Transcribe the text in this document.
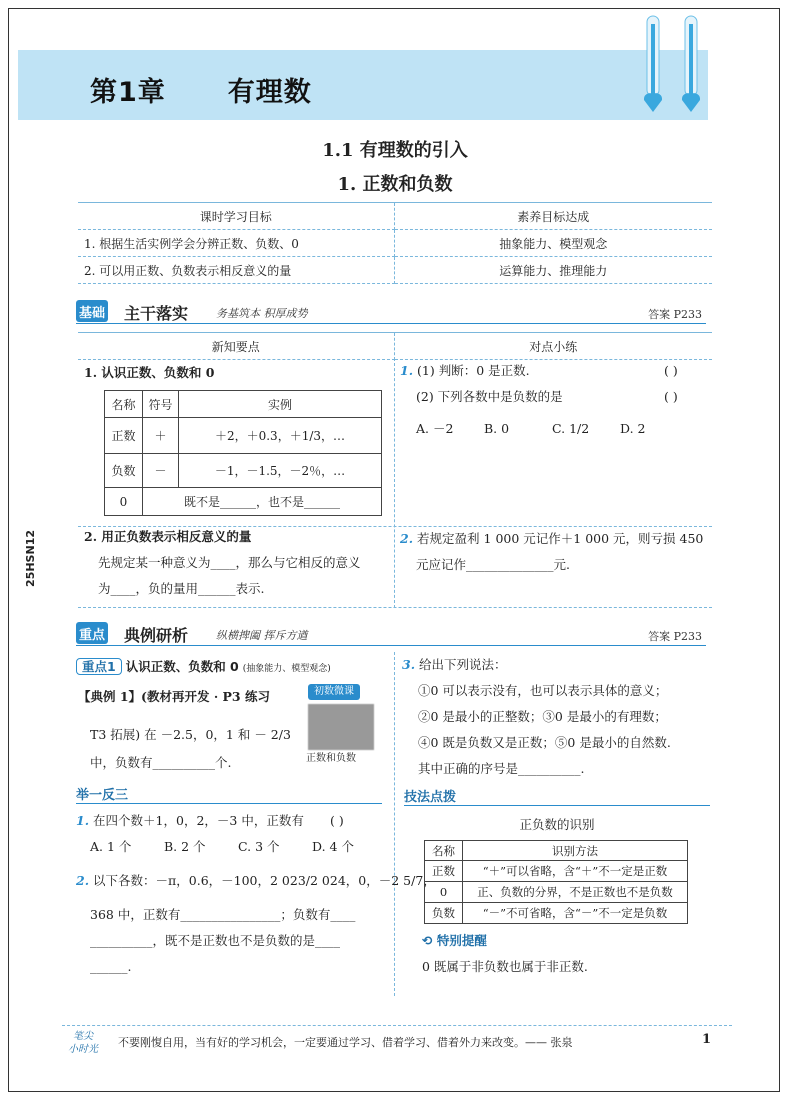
25HSN12
第1章 有理数
1.1 有理数的引入
1. 正数和负数
课时学习目标	素养目标达成
1. 根据生活实例学会分辨正数、负数、0	抽象能力、模型观念
2. 可以用正数、负数表示相反意义的量	运算能力、推理能力
基础 主干落实	务基筑本 积厚成势	答案 P233
新知要点	对点小练
1. 认识正数、负数和 0
名称	符号	实例
正数	＋	＋2，＋0.3，＋1/3，…
负数	－	－1，－1.5，－2％，…
0	既不是______，也不是______	
1. (1) 判断：0 是正数.	( )
(2) 下列各数中是负数的是	( )
A. －2 B. 0	C. 1/2 D. 2
2. 用正负数表示相反意义的量
先规定某一种意义为____，那么与它相反的意义
为____，负的量用______表示.
2. 若规定盈利 1 000 元记作＋1 000 元，则亏损 450
元应记作______________元.
重点 典例研析	纵横捭阖 挥斥方遒	答案 P233
重点1 认识正数、负数和 0 (抽象能力、模型观念)
【典例 1】(教材再开发 · P3 练习
T3 拓展) 在 －2.5，0，1 和 － 2/3
中，负数有__________个.
初数微课
正数和负数
举一反三
1. 在四个数＋1，0，2，－3 中，正数有 ( )
A. 1 个	B. 2 个	C. 3 个	D. 4 个
2. 以下各数：－π，0.6，－100，2 023/2 024，0，－2 5/7，
368 中，正数有________________；负数有____
__________，既不是正数也不是负数的是____
______.
3. 给出下列说法：
①0 可以表示没有，也可以表示具体的意义；
②0 是最小的正整数；③0 是最小的有理数；
④0 既是负数又是正数；⑤0 是最小的自然数.
其中正确的序号是__________.
技法点拨
正负数的识别
名称	识别方法
正数	“＋”可以省略，含“＋”不一定是正数
0	正、负数的分界，不是正数也不是负数
负数	“－”不可省略，含“－”不一定是负数
⟲ 特别提醒
0 既属于非负数也属于非正数.
笔尖
小时光
不要刚愎自用，当有好的学习机会，一定要通过学习、借着学习、借着外力来改变。—— 张泉	1
